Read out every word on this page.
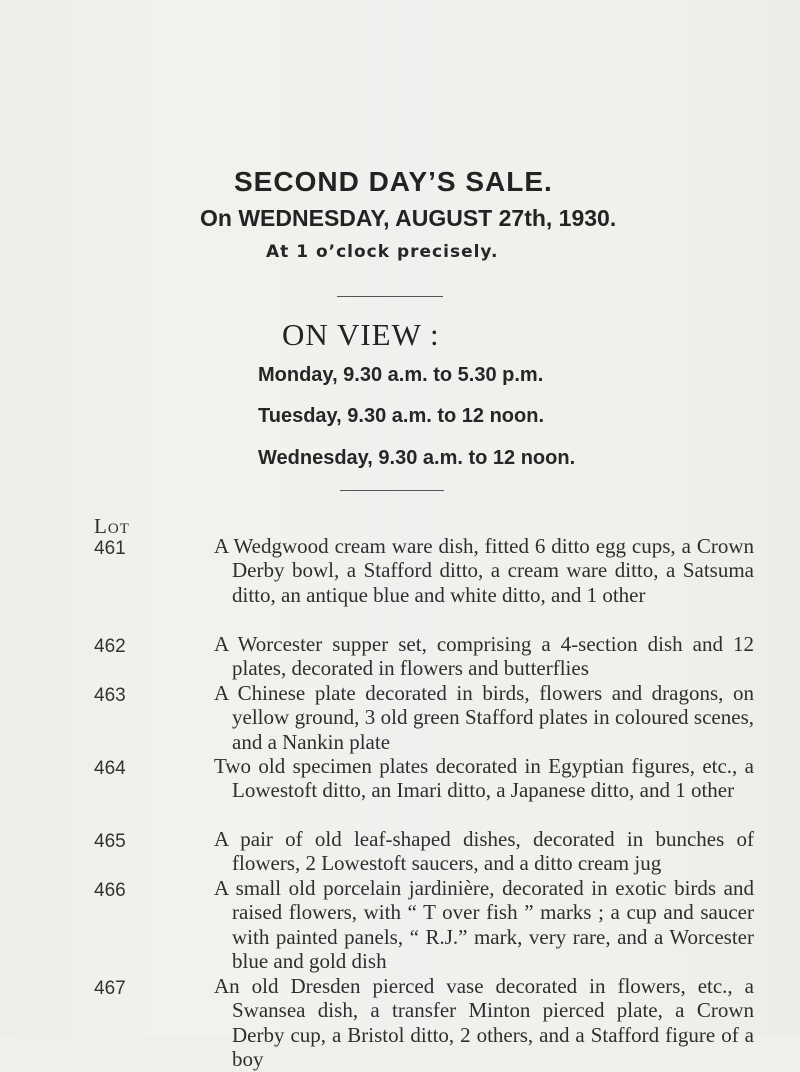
SECOND DAY’S SALE.
On WEDNESDAY, AUGUST 27th, 1930.
At 1 o’clock precisely.
ON VIEW :
Monday, 9.30 a.m. to 5.30 p.m.
Tuesday, 9.30 a.m. to 12 noon.
Wednesday, 9.30 a.m. to 12 noon.
Lot
461	A Wedgwood cream ware dish, fitted 6 ditto egg cups, a Crown Derby bowl, a Stafford ditto, a cream ware ditto, a Satsuma ditto, an antique blue and white ditto, and 1 other
462	A Worcester supper set, comprising a 4-section dish and 12 plates, decorated in flowers and butterflies
463	A Chinese plate decorated in birds, flowers and dragons, on yellow ground, 3 old green Stafford plates in coloured scenes, and a Nankin plate
464	Two old specimen plates decorated in Egyptian figures, etc., a Lowestoft ditto, an Imari ditto, a Japanese ditto, and 1 other
465	A pair of old leaf-shaped dishes, decorated in bunches of flowers, 2 Lowestoft saucers, and a ditto cream jug
466	A small old porcelain jardinière, decorated in exotic birds and raised flowers, with “ T over fish ” marks ; a cup and saucer with painted panels, “ R.J.” mark, very rare, and a Worcester blue and gold dish
467	An old Dresden pierced vase decorated in flowers, etc., a Swansea dish, a transfer Minton pierced plate, a Crown Derby cup, a Bristol ditto, 2 others, and a Stafford figure of a boy
